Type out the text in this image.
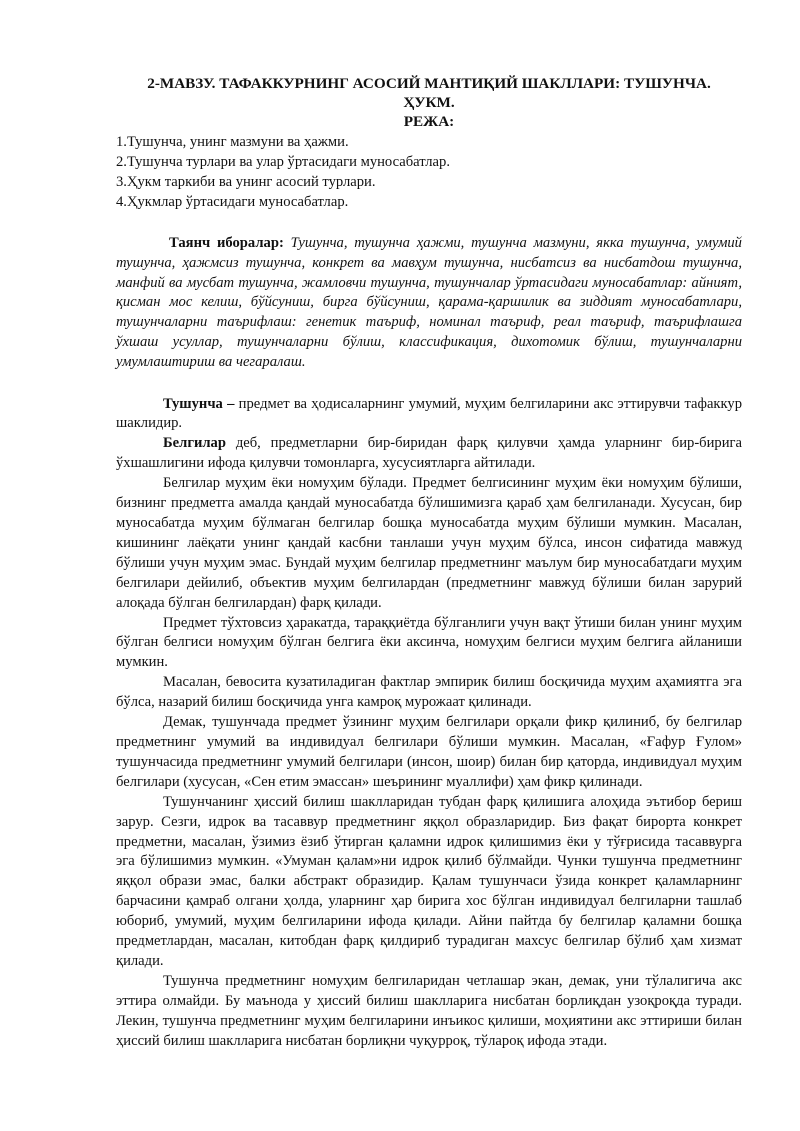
2-МАВЗУ. ТАФАККУРНИНГ АСОСИЙ МАНТИҚИЙ ШАКЛЛАРИ: ТУШУНЧА.

ҲУКМ.

РЕЖА:

1.Тушунча, унинг мазмуни ва ҳажми.
2.Тушунча турлари ва улар ўртасидаги муносабатлар.
3.Ҳукм таркиби ва унинг асосий турлари.
4.Ҳукмлар ўртасидаги муносабатлар.

Таянч иборалар: Тушунча, тушунча ҳажми, тушунча мазмуни, якка тушунча, умумий тушунча, ҳажмсиз тушунча, конкрет ва мавҳум тушунча, нисбатсиз ва нисбатдош тушунча, манфий ва мусбат тушунча, жамловчи тушунча, тушунчалар ўртасидаги муносабатлар: айният, қисман мос келиш, бўйсуниш, бирга бўйсуниш, қарама-қаршилик ва зиддият муносабатлари, тушунчаларни таърифлаш: генетик таъриф, номинал таъриф, реал таъриф, таърифлашга ўхшаш усуллар, тушунчаларни бўлиш, классификация, дихотомик бўлиш, тушунчаларни умумлаштириш ва чегаралаш.

Тушунча – предмет ва ҳодисаларнинг умумий, муҳим белгиларини акс эттирувчи тафаккур шаклидир.

Белгилар деб, предметларни бир-биридан фарқ қилувчи ҳамда уларнинг бир-бирига ўхшашлигини ифода қилувчи томонларга, хусусиятларга айтилади.

Белгилар муҳим ёки номуҳим бўлади. Предмет белгисининг муҳим ёки номуҳим бўлиши, бизнинг предметга амалда қандай муносабатда бўлишимизга қараб ҳам белгиланади. Хусусан, бир муносабатда муҳим бўлмаган белгилар бошқа муносабатда муҳим бўлиши мумкин. Масалан, кишининг лаёқати унинг қандай касбни танлаши учун муҳим бўлса, инсон сифатида мавжуд бўлиши учун муҳим эмас. Бундай муҳим белгилар предметнинг маълум бир муносабатдаги муҳим белгилари дейилиб, объектив муҳим белгилардан (предметнинг мавжуд бўлиши билан зарурий алоқада бўлган белгилардан) фарқ қилади.

Предмет тўхтовсиз ҳаракатда, тараққиётда бўлганлиги учун вақт ўтиши билан унинг муҳим бўлган белгиси номуҳим бўлган белгига ёки аксинча, номуҳим белгиси муҳим белгига айланиши мумкин.

Масалан, бевосита кузатиладиган фактлар эмпирик билиш босқичида муҳим аҳамиятга эга бўлса, назарий билиш босқичида унга камроқ мурожаат қилинади.

Демак, тушунчада предмет ўзининг муҳим белгилари орқали фикр қилиниб, бу белгилар предметнинг умумий ва индивидуал белгилари бўлиши мумкин. Масалан, «Ғафур Ғулом» тушунчасида предметнинг умумий белгилари (инсон, шоир) билан бир қаторда, индивидуал муҳим белгилари (хусусан, «Сен етим эмассан» шеърининг муаллифи) ҳам фикр қилинади.

Тушунчанинг ҳиссий билиш шаклларидан тубдан фарқ қилишига алоҳида эътибор бериш зарур. Сезги, идрок ва тасаввур предметнинг яққол образларидир. Биз фақат бирорта конкрет предметни, масалан, ўзимиз ёзиб ўтирган қаламни идрок қилишимиз ёки у тўғрисида тасаввурга эга бўлишимиз мумкин. «Умуман қалам»ни идрок қилиб бўлмайди. Чунки тушунча предметнинг яққол образи эмас, балки абстракт образидир. Қалам тушунчаси ўзида конкрет қаламларнинг барчасини қамраб олгани ҳолда, уларнинг ҳар бирига хос бўлган индивидуал белгиларни ташлаб юбориб, умумий, муҳим белгиларини ифода қилади. Айни пайтда бу белгилар қаламни бошқа предметлардан, масалан, китобдан фарқ қилдириб турадиган махсус белгилар бўлиб ҳам хизмат қилади.

Тушунча предметнинг номуҳим белгиларидан четлашар экан, демак, уни тўлалигича акс эттира олмайди. Бу маънода у ҳиссий билиш шаклларига нисбатан борлиқдан узоқроқда туради. Лекин, тушунча предметнинг муҳим белгиларини инъикос қилиши, моҳиятини акс эттириши билан ҳиссий билиш шаклларига нисбатан борлиқни чуқурроқ, тўлароқ ифода этади.
